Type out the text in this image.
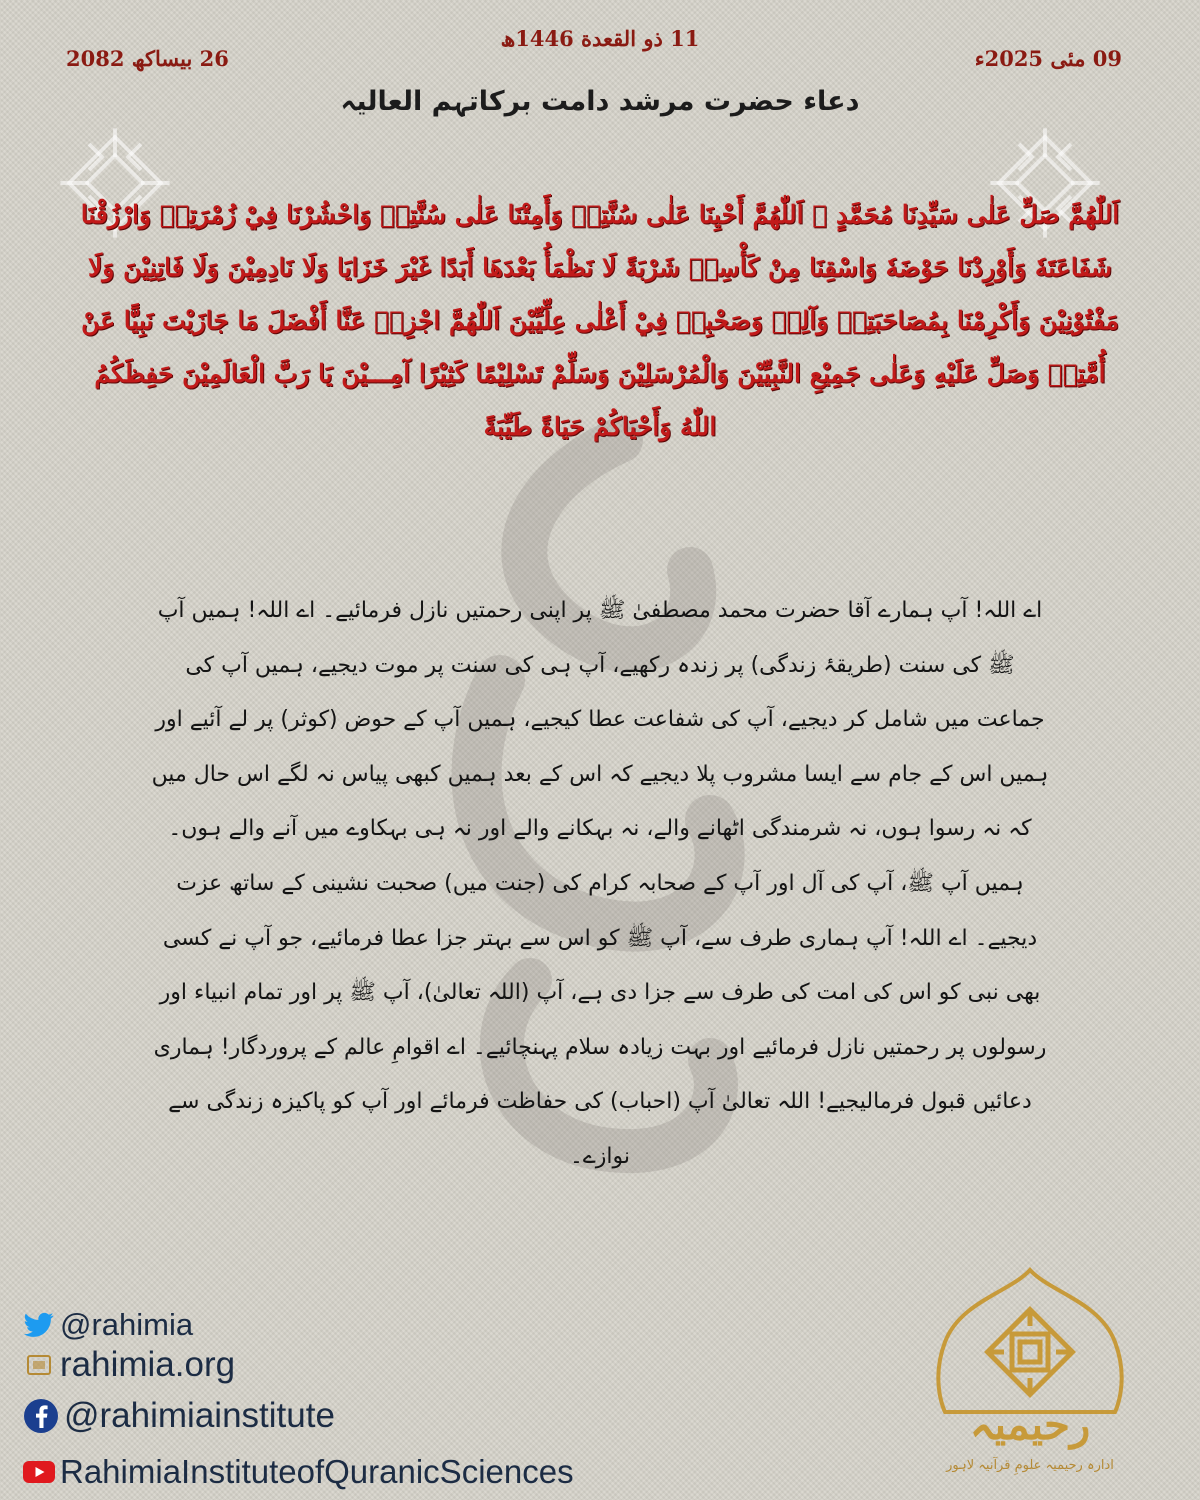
11 ذو القعدة 1446ھ
09 مئی 2025ء
26 بیساکھ 2082
دعاء حضرت مرشد دامت برکاتہم العالیہ
اَللّٰهُمَّ صَلِّ عَلٰى سَيِّدِنَا مُحَمَّدٍ ﷺ اَللّٰهُمَّ أَحْيِنَا عَلٰى سُنَّتِهٖ وَأَمِتْنَا عَلٰى سُنَّتِهٖ وَاحْشُرْنَا فِيْ زُمْرَتِهٖ وَارْزُقْنَا شَفَاعَتَهٗ وَأَوْرِدْنَا حَوْضَهٗ وَاسْقِنَا مِنْ كَأْسِهٖ شَرْبَةً لَا نَظْمَأُ بَعْدَهَا أَبَدًا غَيْرَ خَزَايَا وَلَا نَادِمِيْنَ وَلَا فَاتِنِيْنَ وَلَا مَفْتُوْنِيْنَ وَأَكْرِمْنَا بِمُصَاحَبَتِهٖ وَآلِهٖ وَصَحْبِهٖ فِيْ أَعْلٰى عِلِّيِّيْنَ اَللّٰهُمَّ اجْزِهٖ عَنَّا أَفْضَلَ مَا جَازَيْتَ نَبِيًّا عَنْ أُمَّتِهٖ وَصَلِّ عَلَيْهِ وَعَلٰى جَمِيْعِ النَّبِيِّيْنَ وَالْمُرْسَلِيْنَ وَسَلِّمْ تَسْلِيْمًا كَثِيْرًا آمِـــيْنَ يَا رَبَّ الْعَالَمِيْنَ حَفِظَكُمُ اللّٰهُ وَأَحْيَاكُمْ حَيَاةً طَيِّبَةً
اے اللہ! آپ ہمارے آقا حضرت محمد مصطفیٰ ﷺ پر اپنی رحمتیں نازل فرمائیے۔ اے اللہ! ہمیں آپ ﷺ کی سنت (طریقۂ زندگی) پر زندہ رکھیے، آپ ہی کی سنت پر موت دیجیے، ہمیں آپ کی جماعت میں شامل کر دیجیے، آپ کی شفاعت عطا کیجیے، ہمیں آپ کے حوض (کوثر) پر لے آئیے اور ہمیں اس کے جام سے ایسا مشروب پلا دیجیے کہ اس کے بعد ہمیں کبھی پیاس نہ لگے اس حال میں کہ نہ رسوا ہوں، نہ شرمندگی اٹھانے والے، نہ بہکانے والے اور نہ ہی بہکاوے میں آنے والے ہوں۔ ہمیں آپ ﷺ، آپ کی آل اور آپ کے صحابہ کرام کی (جنت میں) صحبت نشینی کے ساتھ عزت دیجیے۔ اے اللہ! آپ ہماری طرف سے، آپ ﷺ کو اس سے بہتر جزا عطا فرمائیے، جو آپ نے کسی بھی نبی کو اس کی امت کی طرف سے جزا دی ہے، آپ (اللہ تعالیٰ)، آپ ﷺ پر اور تمام انبیاء اور رسولوں پر رحمتیں نازل فرمائیے اور بہت زیادہ سلام پہنچائیے۔ اے اقوامِ عالم کے پروردگار! ہماری دعائیں قبول فرمالیجیے! اللہ تعالیٰ آپ (احباب) کی حفاظت فرمائے اور آپ کو پاکیزہ زندگی سے نوازے۔
@rahimia
rahimia.org
@rahimiainstitute
RahimiaInstituteofQuranicSciences
رحیمیہ
ادارہ رحیمیہ علومِ قرآنیہ لاہور
